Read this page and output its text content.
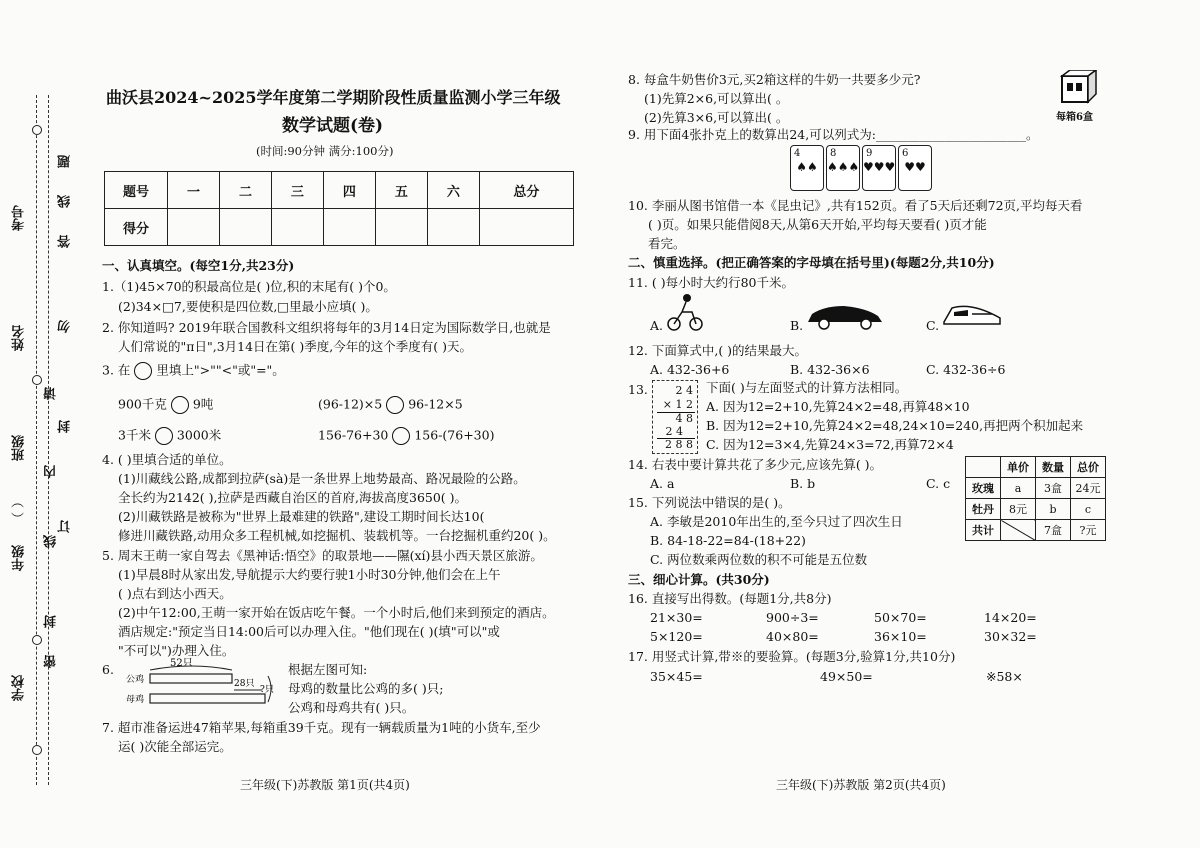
考号
姓名
班级
（ ）
年级
学校
题
线
答
勿
请
内
封
订
线
封
密
曲沃县2024~2025学年度第二学期阶段性质量监测小学三年级
数学试题(卷)
(时间:90分钟 满分:100分)
题号	一	二	三	四	五	六	总分
得分							
一、认真填空。(每空1分,共23分)
1.（1)45×70的积最高位是( )位,积的末尾有( )个0。
(2)34×□7,要使积是四位数,□里最小应填( )。
2. 你知道吗? 2019年联合国教科文组织将每年的3月14日定为国际数学日,也就是
人们常说的"π日",3月14日在第( )季度,今年的这个季度有( )天。
3. 在 里填上">""<"或"="。
900千克 9吨	(96-12)×5 96-12×5
3千米 3000米	156-76+30 156-(76+30)
4. ( )里填合适的单位。
(1)川藏线公路,成都到拉萨(sà)是一条世界上地势最高、路况最险的公路。
全长约为2142( ),拉萨是西藏自治区的首府,海拔高度3650( )。
(2)川藏铁路是被称为"世界上最难建的铁路",建设工期时间长达10(
修进川藏铁路,动用众多工程机械,如挖掘机、装载机等。一台挖掘机重约20( )。
5. 周末王萌一家自驾去《黑神话:悟空》的取景地——隰(xí)县小西天景区旅游。
(1)早晨8时从家出发,导航提示大约要行驶1小时30分钟,他们会在上午
( )点右到达小西天。
(2)中午12:00,王萌一家开始在饭店吃午餐。一个小时后,他们来到预定的酒店。
酒店规定:"预定当日14:00后可以办理入住。"他们现在( )(填"可以"或
"不可以")办理入住。
6.	52只
公鸡
母鸡
28只
?只
根据左图可知:
母鸡的数量比公鸡的多( )只;
公鸡和母鸡共有( )只。
7. 超市准备运进47箱苹果,每箱重39千克。现有一辆载质量为1吨的小货车,至少
运( )次能全部运完。
三年级(下)苏教版 第1页(共4页)
8. 每盒牛奶售价3元,买2箱这样的牛奶一共要多少元?
(1)先算2×6,可以算出( 。
(2)先算3×6,可以算出( 。	每箱6盒
9. 用下面4张扑克上的数算出24,可以列式为:________________________。
4
♠♠
8
♠♠♠
9
♥♥♥
6
♥♥
10. 李丽从图书馆借一本《昆虫记》,共有152页。看了5天后还剩72页,平均每天看
( )页。如果只能借阅8天,从第6天开始,平均每天要看( )页才能
看完。
二、慎重选择。(把正确答案的字母填在括号里)(每题2分,共10分)
11. ( )每小时大约行80千米。
A.	B.	C.
12. 下面算式中,( )的结果最大。
A. 432-36+6	B. 432-36×6	C. 432-36÷6
13.	2 4
× 1 2
4 8
2 4
2 8 8
下面( )与左面竖式的计算方法相同。
A. 因为12=2+10,先算24×2=48,再算48×10
B. 因为12=2+10,先算24×2=48,24×10=240,再把两个积加起来
C. 因为12=3×4,先算24×3=72,再算72×4
14. 右表中要计算共花了多少元,应该先算( )。
A. a	B. b	C. c
	单价	数量	总价
玫瑰	a	3盒	24元
牡丹	8元	b	c
共计		7盒	?元
15. 下列说法中错误的是( )。
A. 李敏是2010年出生的,至今只过了四次生日
B. 84-18-22=84-(18+22)
C. 两位数乘两位数的积不可能是五位数
三、细心计算。(共30分)
16. 直接写出得数。(每题1分,共8分)
21×30=	900÷3=	50×70=	14×20=
5×120=	40×80=	36×10=	30×32=
17. 用竖式计算,带※的要验算。(每题3分,验算1分,共10分)
35×45=	49×50=	※58×
三年级(下)苏教版 第2页(共4页)
